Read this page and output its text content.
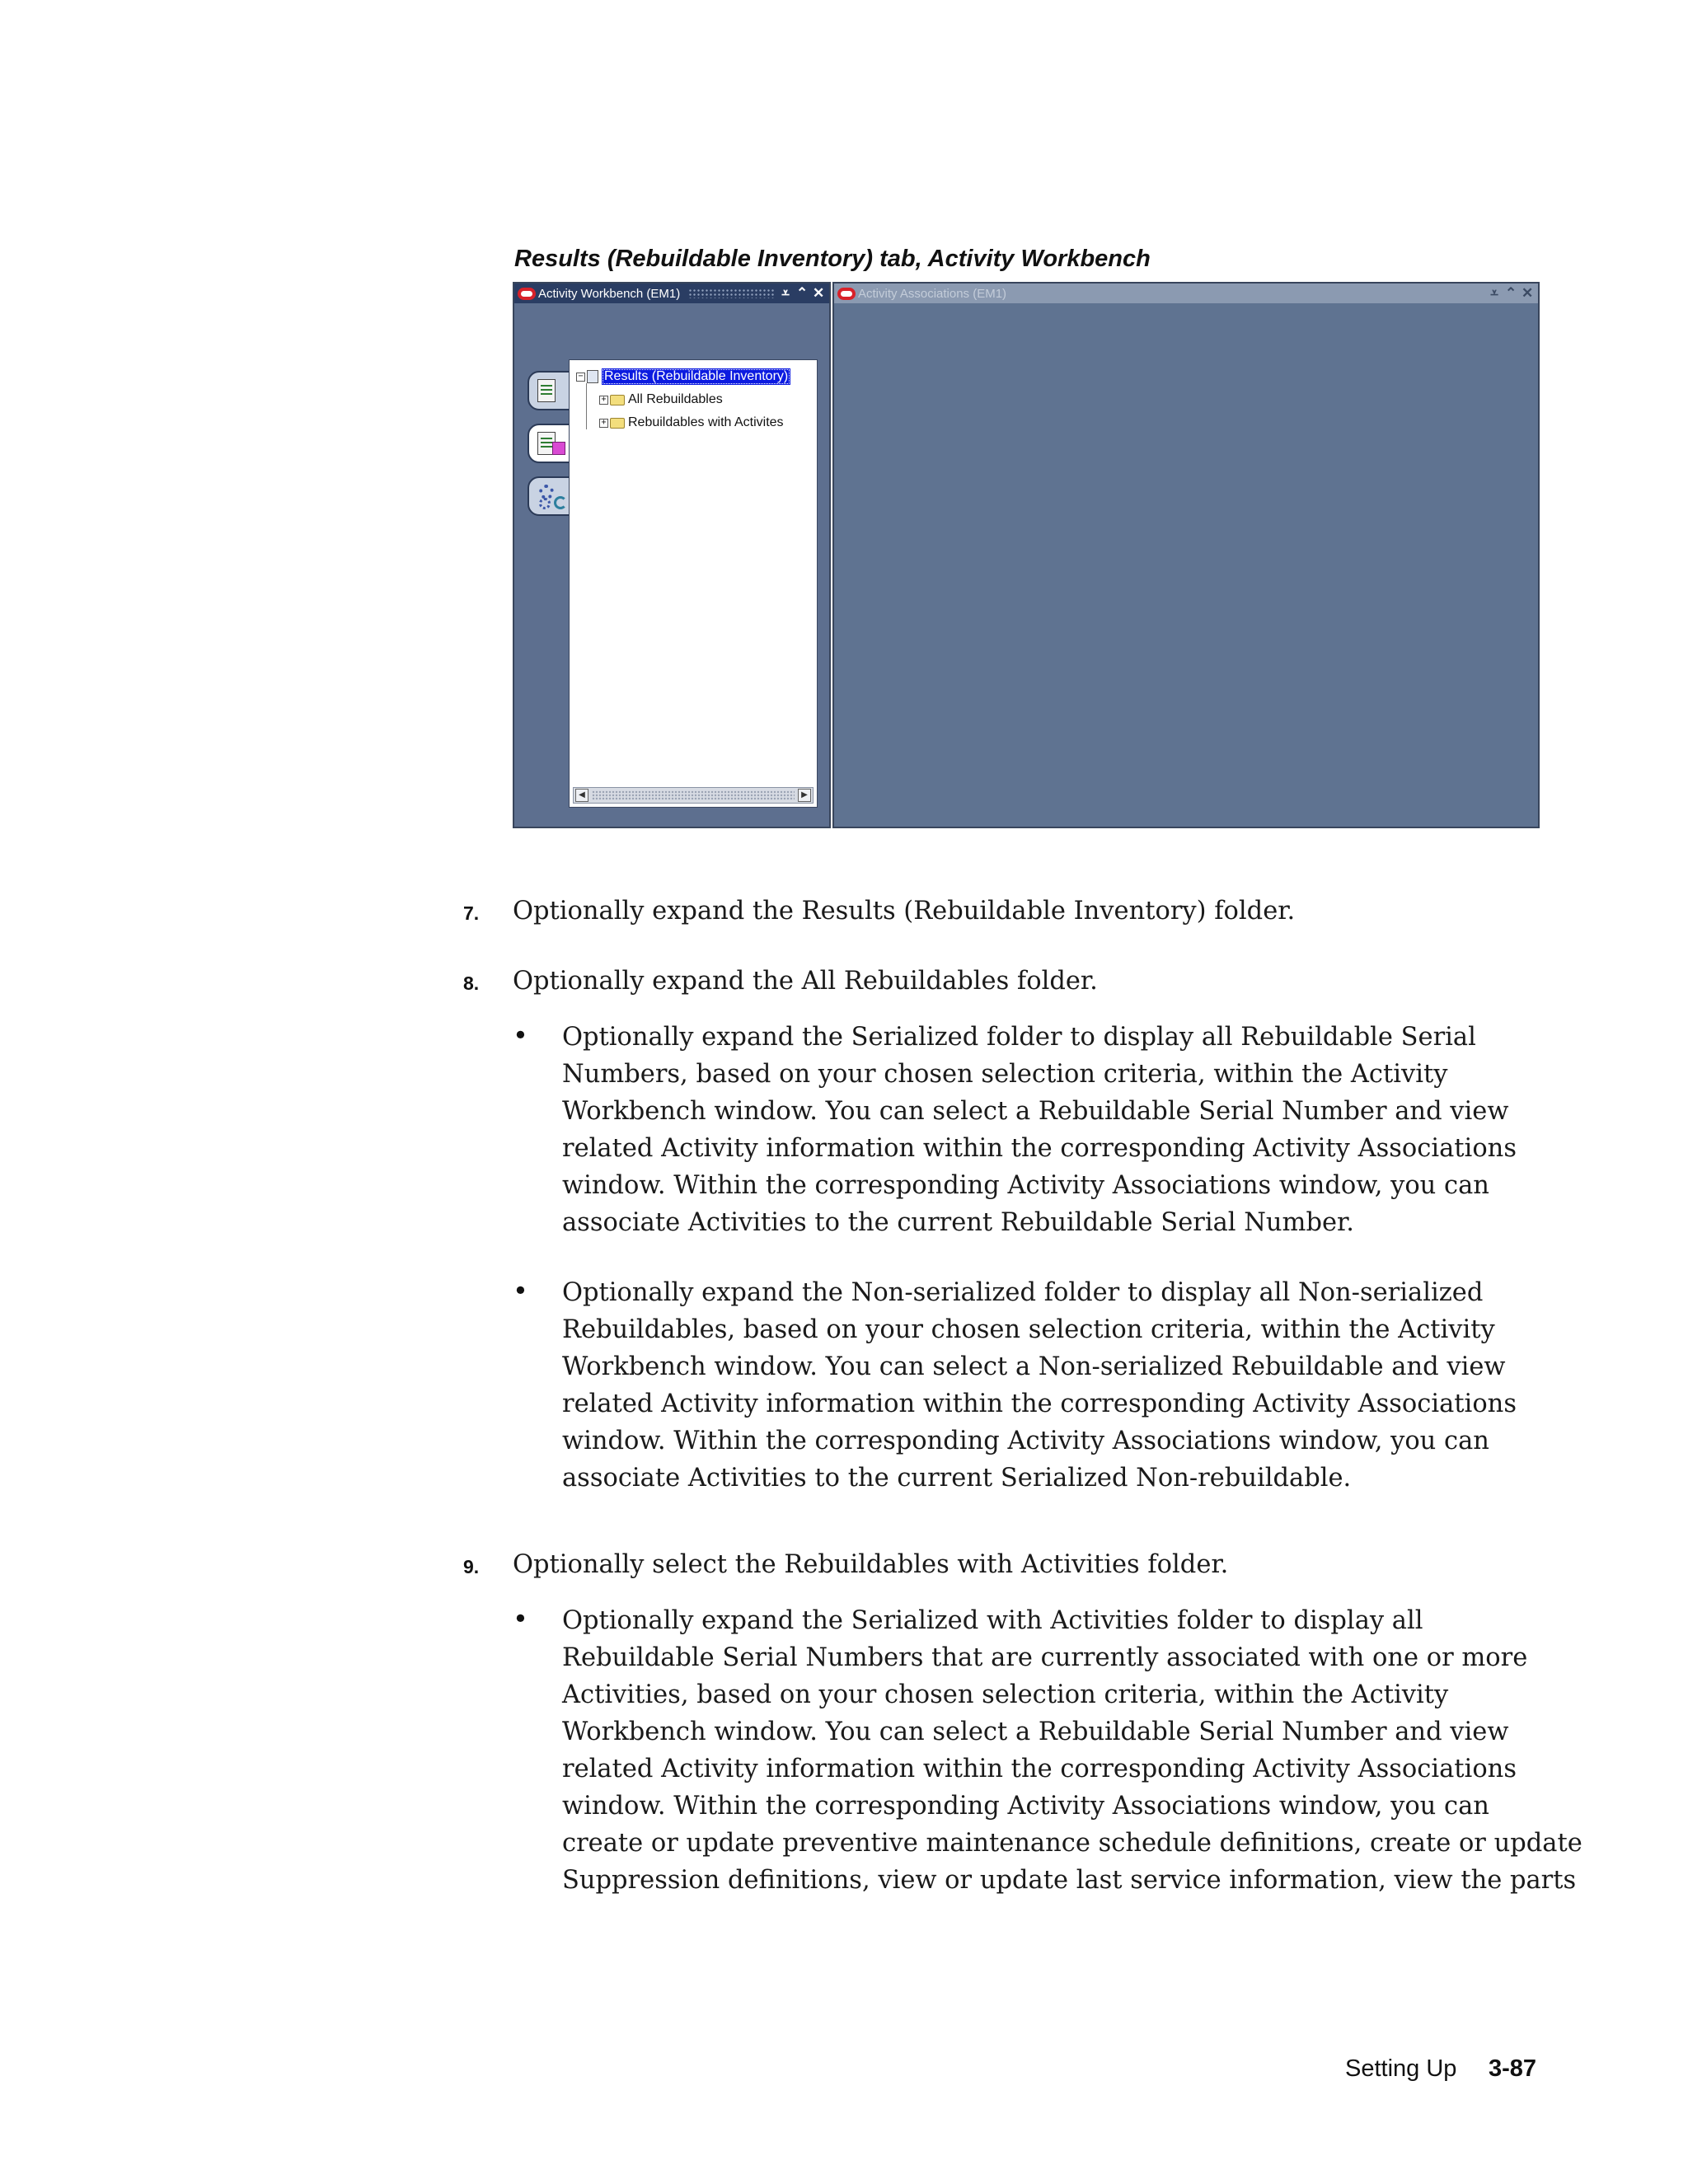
Results (Rebuildable Inventory) tab, Activity Workbench
Activity Workbench (EM1)	⩡ ⌃ ✕
− Results (Rebuildable Inventory)
+ All Rebuildables
+ Rebuildables with Activites
◀	▶
Activity Associations (EM1)	⩡ ⌃ ✕
7. Optionally expand the Results (Rebuildable Inventory) folder.
8. Optionally expand the All Rebuildables folder.
• Optionally expand the Serialized folder to display all Rebuildable Serial
Numbers, based on your chosen selection criteria, within the Activity
Workbench window. You can select a Rebuildable Serial Number and view
related Activity information within the corresponding Activity Associations
window. Within the corresponding Activity Associations window, you can
associate Activities to the current Rebuildable Serial Number.
• Optionally expand the Non-serialized folder to display all Non-serialized
Rebuildables, based on your chosen selection criteria, within the Activity
Workbench window. You can select a Non-serialized Rebuildable and view
related Activity information within the corresponding Activity Associations
window. Within the corresponding Activity Associations window, you can
associate Activities to the current Serialized Non-rebuildable.
9. Optionally select the Rebuildables with Activities folder.
• Optionally expand the Serialized with Activities folder to display all
Rebuildable Serial Numbers that are currently associated with one or more
Activities, based on your chosen selection criteria, within the Activity
Workbench window. You can select a Rebuildable Serial Number and view
related Activity information within the corresponding Activity Associations
window. Within the corresponding Activity Associations window, you can
create or update preventive maintenance schedule definitions, create or update
Suppression definitions, view or update last service information, view the parts
Setting Up 3-87
